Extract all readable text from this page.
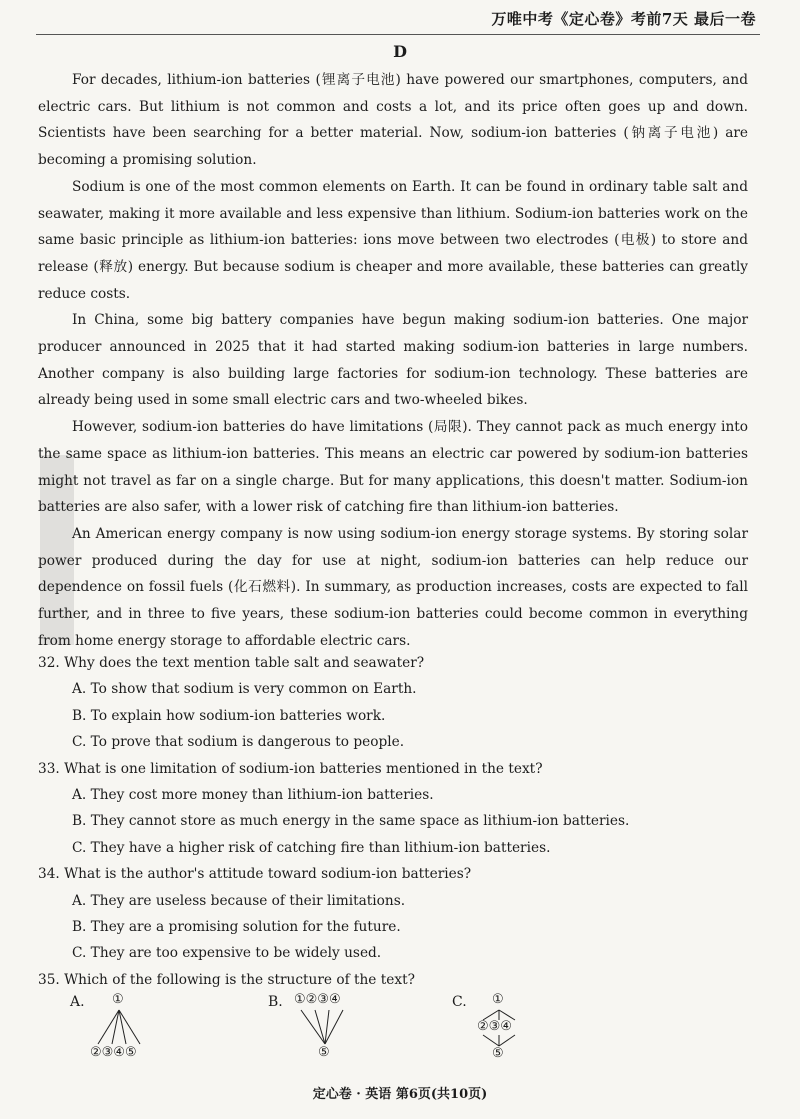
万唯中考《定心卷》考前7天 最后一卷
D

For decades, lithium-ion batteries (锂离子电池) have powered our smartphones, computers, and electric cars. But lithium is not common and costs a lot, and its price often goes up and down. Scientists have been searching for a better material. Now, sodium-ion batteries (钠离子电池) are becoming a promising solution.

Sodium is one of the most common elements on Earth. It can be found in ordinary table salt and seawater, making it more available and less expensive than lithium. Sodium-ion batteries work on the same basic principle as lithium-ion batteries: ions move between two electrodes (电极) to store and release (释放) energy. But because sodium is cheaper and more available, these batteries can greatly reduce costs.

In China, some big battery companies have begun making sodium-ion batteries. One major producer announced in 2025 that it had started making sodium-ion batteries in large numbers. Another company is also building large factories for sodium-ion technology. These batteries are already being used in some small electric cars and two-wheeled bikes.

However, sodium-ion batteries do have limitations (局限). They cannot pack as much energy into the same space as lithium-ion batteries. This means an electric car powered by sodium-ion batteries might not travel as far on a single charge. But for many applications, this doesn't matter. Sodium-ion batteries are also safer, with a lower risk of catching fire than lithium-ion batteries.

An American energy company is now using sodium-ion energy storage systems. By storing solar power produced during the day for use at night, sodium-ion batteries can help reduce our dependence on fossil fuels (化石燃料). In summary, as production increases, costs are expected to fall further, and in three to five years, these sodium-ion batteries could become common in everything from home energy storage to affordable electric cars.

32. Why does the text mention table salt and seawater?

A. To show that sodium is very common on Earth.

B. To explain how sodium-ion batteries work.

C. To prove that sodium is dangerous to people.

33. What is one limitation of sodium-ion batteries mentioned in the text?

A. They cost more money than lithium-ion batteries.

B. They cannot store as much energy in the same space as lithium-ion batteries.

C. They have a higher risk of catching fire than lithium-ion batteries.

34. What is the author's attitude toward sodium-ion batteries?

A. They are useless because of their limitations.

B. They are a promising solution for the future.

C. They are too expensive to be widely used.

35. Which of the following is the structure of the text?

A. ①
②③④⑤
B. ①②③④
⑤
C. ①
②③④
⑤
定心卷 · 英语 第6页(共10页)
